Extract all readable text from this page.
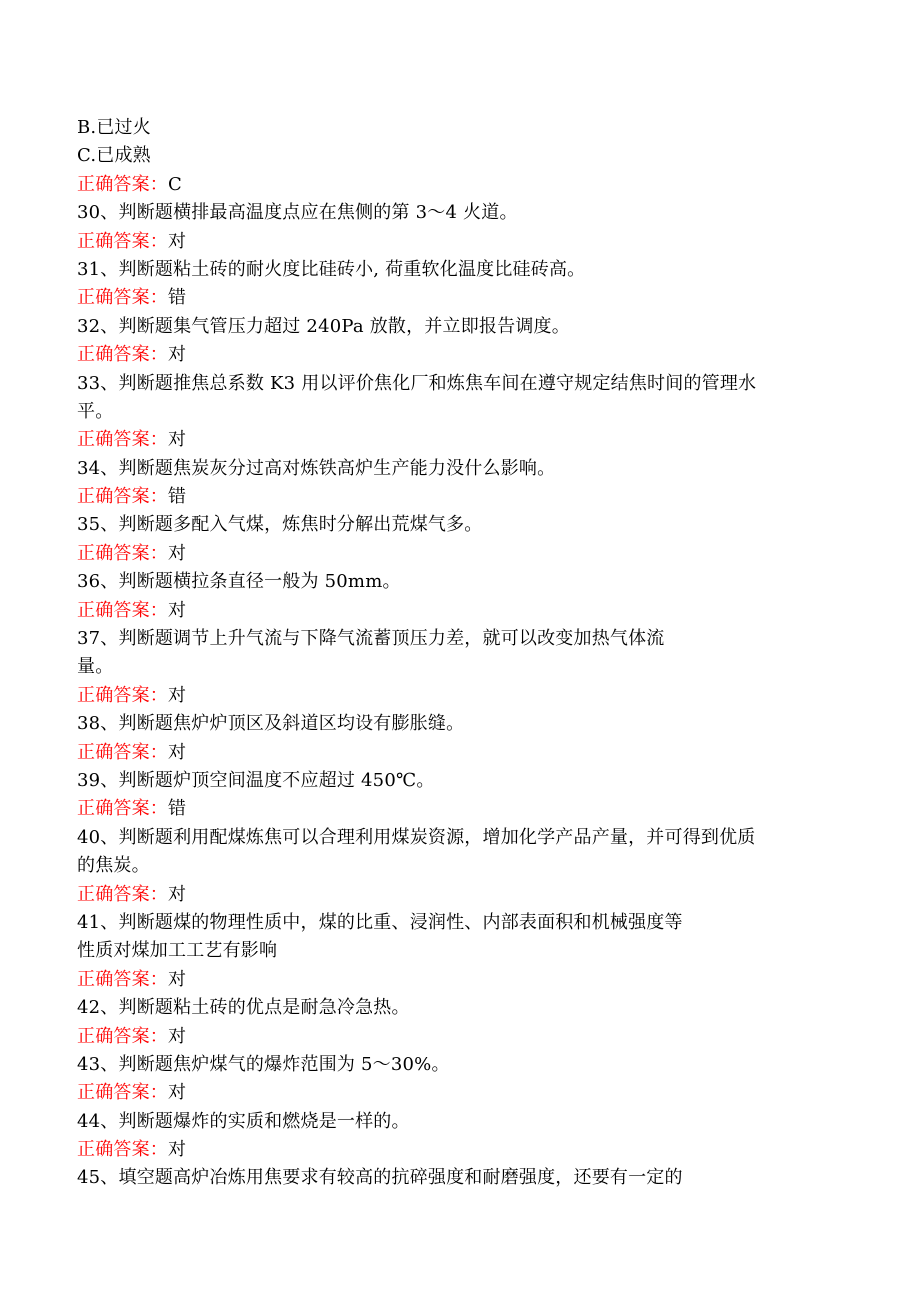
B.已过火
C.已成熟
正确答案：C
30、判断题横排最高温度点应在焦侧的第 3～4 火道。
正确答案：对
31、判断题粘土砖的耐火度比硅砖小, 荷重软化温度比硅砖高。
正确答案：错
32、判断题集气管压力超过 240Pa 放散，并立即报告调度。
正确答案：对
33、判断题推焦总系数 K3 用以评价焦化厂和炼焦车间在遵守规定结焦时间的管理水
平。
正确答案：对
34、判断题焦炭灰分过高对炼铁高炉生产能力没什么影响。
正确答案：错
35、判断题多配入气煤，炼焦时分解出荒煤气多。
正确答案：对
36、判断题横拉条直径一般为 50mm。
正确答案：对
37、判断题调节上升气流与下降气流蓄顶压力差，就可以改变加热气体流
量。
正确答案：对
38、判断题焦炉炉顶区及斜道区均设有膨胀缝。
正确答案：对
39、判断题炉顶空间温度不应超过 450℃。
正确答案：错
40、判断题利用配煤炼焦可以合理利用煤炭资源，增加化学产品产量，并可得到优质
的焦炭。
正确答案：对
41、判断题煤的物理性质中，煤的比重、浸润性、内部表面积和机械强度等
性质对煤加工工艺有影响
正确答案：对
42、判断题粘土砖的优点是耐急冷急热。
正确答案：对
43、判断题焦炉煤气的爆炸范围为 5～30%。
正确答案：对
44、判断题爆炸的实质和燃烧是一样的。
正确答案：对
45、填空题高炉冶炼用焦要求有较高的抗碎强度和耐磨强度，还要有一定的
